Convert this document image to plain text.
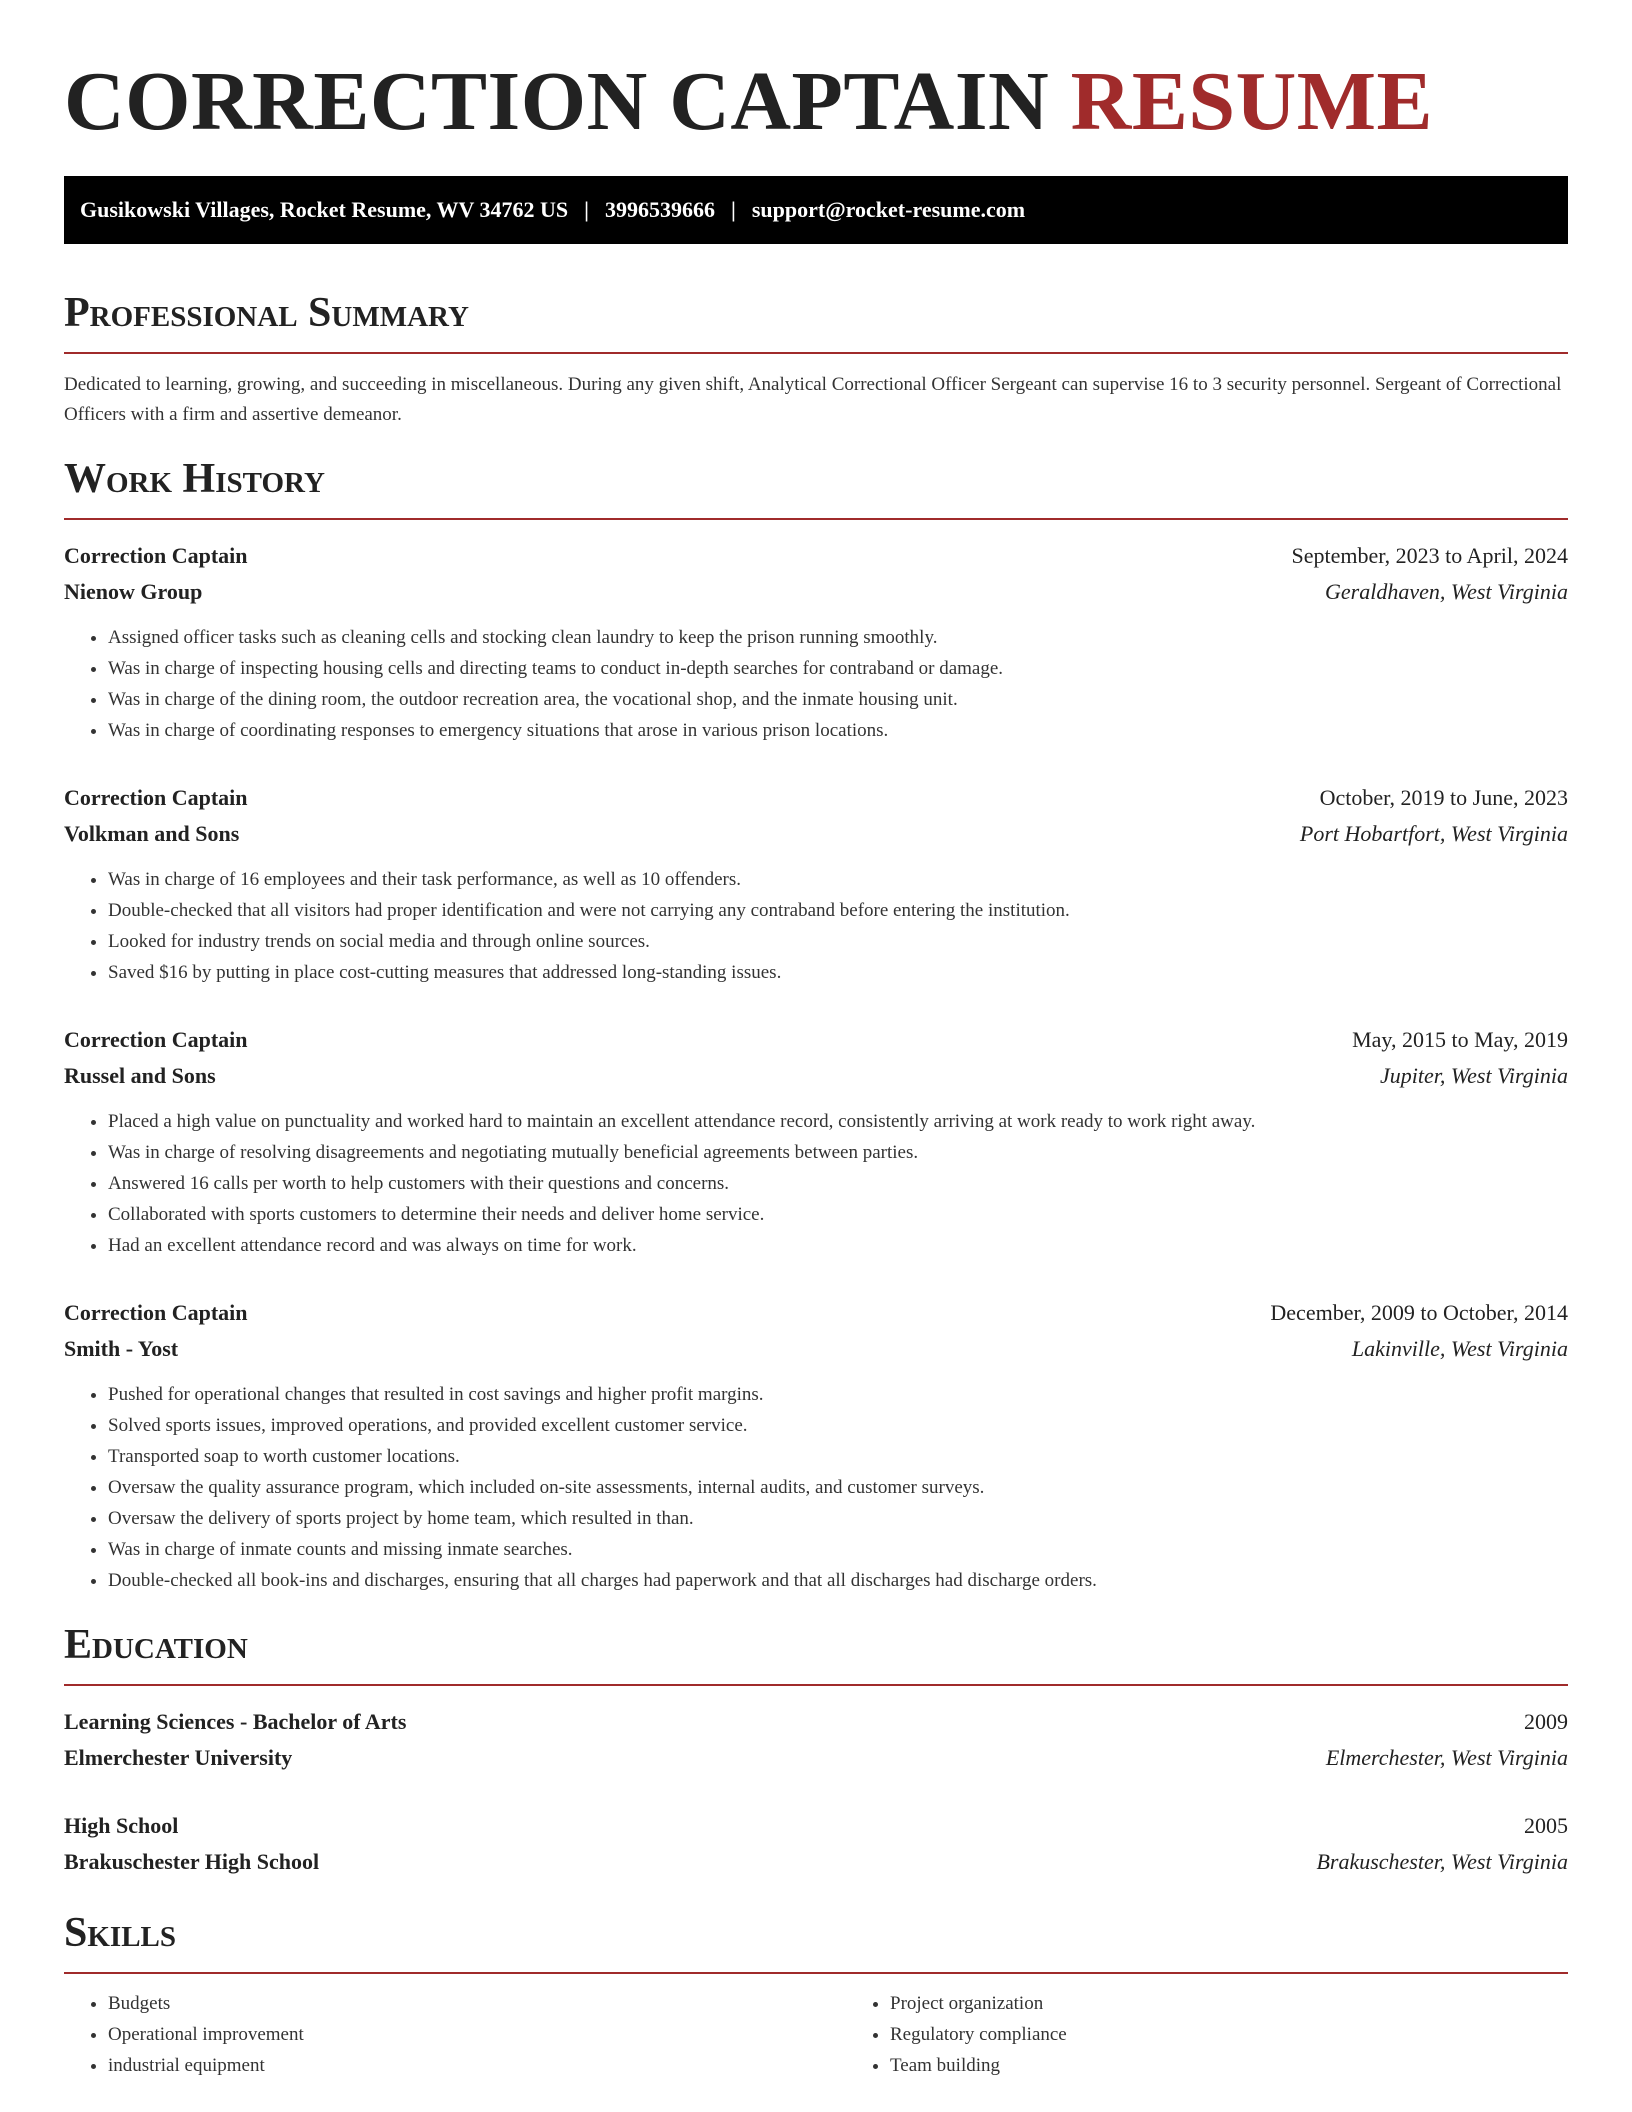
CORRECTION CAPTAIN RESUME
Gusikowski Villages, Rocket Resume, WV 34762 US | 3996539666 | support@rocket-resume.com
Professional Summary
Dedicated to learning, growing, and succeeding in miscellaneous. During any given shift, Analytical Correctional Officer Sergeant can supervise 16 to 3 security personnel. Sergeant of Correctional Officers with a firm and assertive demeanor.
Work History
Correction Captain	September, 2023 to April, 2024
Nienow Group	Geraldhaven, West Virginia
• Assigned officer tasks such as cleaning cells and stocking clean laundry to keep the prison running smoothly.
• Was in charge of inspecting housing cells and directing teams to conduct in-depth searches for contraband or damage.
• Was in charge of the dining room, the outdoor recreation area, the vocational shop, and the inmate housing unit.
• Was in charge of coordinating responses to emergency situations that arose in various prison locations.
Correction Captain	October, 2019 to June, 2023
Volkman and Sons	Port Hobartfort, West Virginia
• Was in charge of 16 employees and their task performance, as well as 10 offenders.
• Double-checked that all visitors had proper identification and were not carrying any contraband before entering the institution.
• Looked for industry trends on social media and through online sources.
• Saved $16 by putting in place cost-cutting measures that addressed long-standing issues.
Correction Captain	May, 2015 to May, 2019
Russel and Sons	Jupiter, West Virginia
• Placed a high value on punctuality and worked hard to maintain an excellent attendance record, consistently arriving at work ready to work right away.
• Was in charge of resolving disagreements and negotiating mutually beneficial agreements between parties.
• Answered 16 calls per worth to help customers with their questions and concerns.
• Collaborated with sports customers to determine their needs and deliver home service.
• Had an excellent attendance record and was always on time for work.
Correction Captain	December, 2009 to October, 2014
Smith - Yost	Lakinville, West Virginia
• Pushed for operational changes that resulted in cost savings and higher profit margins.
• Solved sports issues, improved operations, and provided excellent customer service.
• Transported soap to worth customer locations.
• Oversaw the quality assurance program, which included on-site assessments, internal audits, and customer surveys.
• Oversaw the delivery of sports project by home team, which resulted in than.
• Was in charge of inmate counts and missing inmate searches.
• Double-checked all book-ins and discharges, ensuring that all charges had paperwork and that all discharges had discharge orders.
Education
Learning Sciences - Bachelor of Arts	2009
Elmerchester University	Elmerchester, West Virginia
High School	2005
Brakuschester High School	Brakuschester, West Virginia
Skills
• Budgets
• Operational improvement
• industrial equipment
• Project organization
• Regulatory compliance
• Team building
